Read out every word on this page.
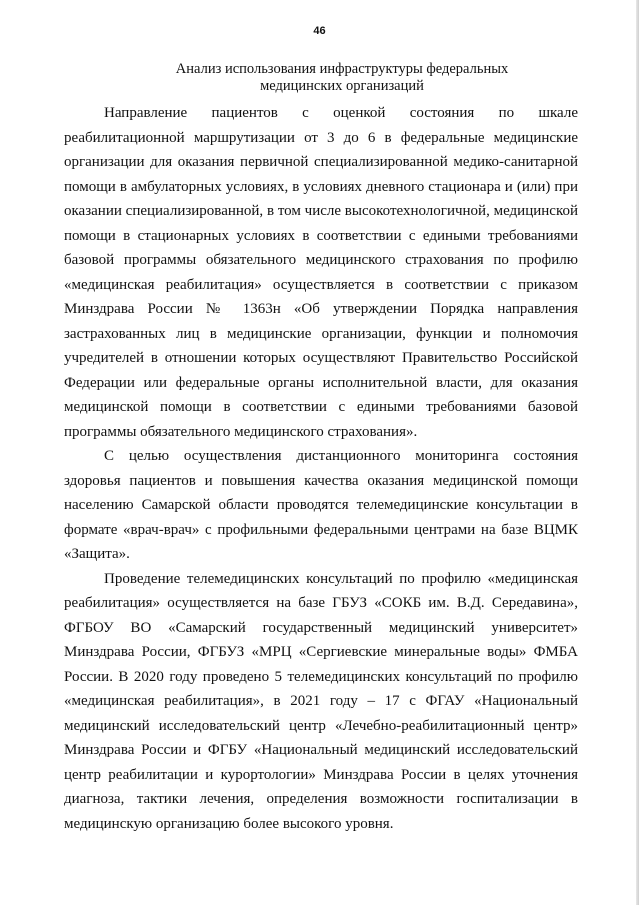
46
Анализ использования инфраструктуры федеральных
медицинских организаций

Направление пациентов с оценкой состояния по шкале реабилитационной маршрутизации от 3 до 6 в федеральные медицинские организации для оказания первичной специализированной медико-санитарной помощи в амбулаторных условиях, в условиях дневного стационара и (или) при оказании специализированной, в том числе высокотехнологичной, медицинской помощи в стационарных условиях в соответствии с едиными требованиями базовой программы обязательного медицинского страхования по профилю «медицинская реабилитация» осуществляется в соответствии с приказом Минздрава России № 1363н «Об утверждении Порядка направления застрахованных лиц в медицинские организации, функции и полномочия учредителей в отношении которых осуществляют Правительство Российской Федерации или федеральные органы исполнительной власти, для оказания медицинской помощи в соответствии с едиными требованиями базовой программы обязательного медицинского страхования».

С целью осуществления дистанционного мониторинга состояния здоровья пациентов и повышения качества оказания медицинской помощи населению Самарской области проводятся телемедицинские консультации в формате «врач-врач» с профильными федеральными центрами на базе ВЦМК «Защита».

Проведение телемедицинских консультаций по профилю «медицинская реабилитация» осуществляется на базе ГБУЗ «СОКБ им. В.Д. Середавина», ФГБОУ ВО «Самарский государственный медицинский университет» Минздрава России, ФГБУЗ «МРЦ «Сергиевские минеральные воды» ФМБА России. В 2020 году проведено 5 телемедицинских консультаций по профилю «медицинская реабилитация», в 2021 году – 17 с ФГАУ «Национальный медицинский исследовательский центр «Лечебно-реабилитационный центр» Минздрава России и ФГБУ «Национальный медицинский исследовательский центр реабилитации и курортологии» Минздрава России в целях уточнения диагноза, тактики лечения, определения возможности госпитализации в медицинскую организацию более высокого уровня.
